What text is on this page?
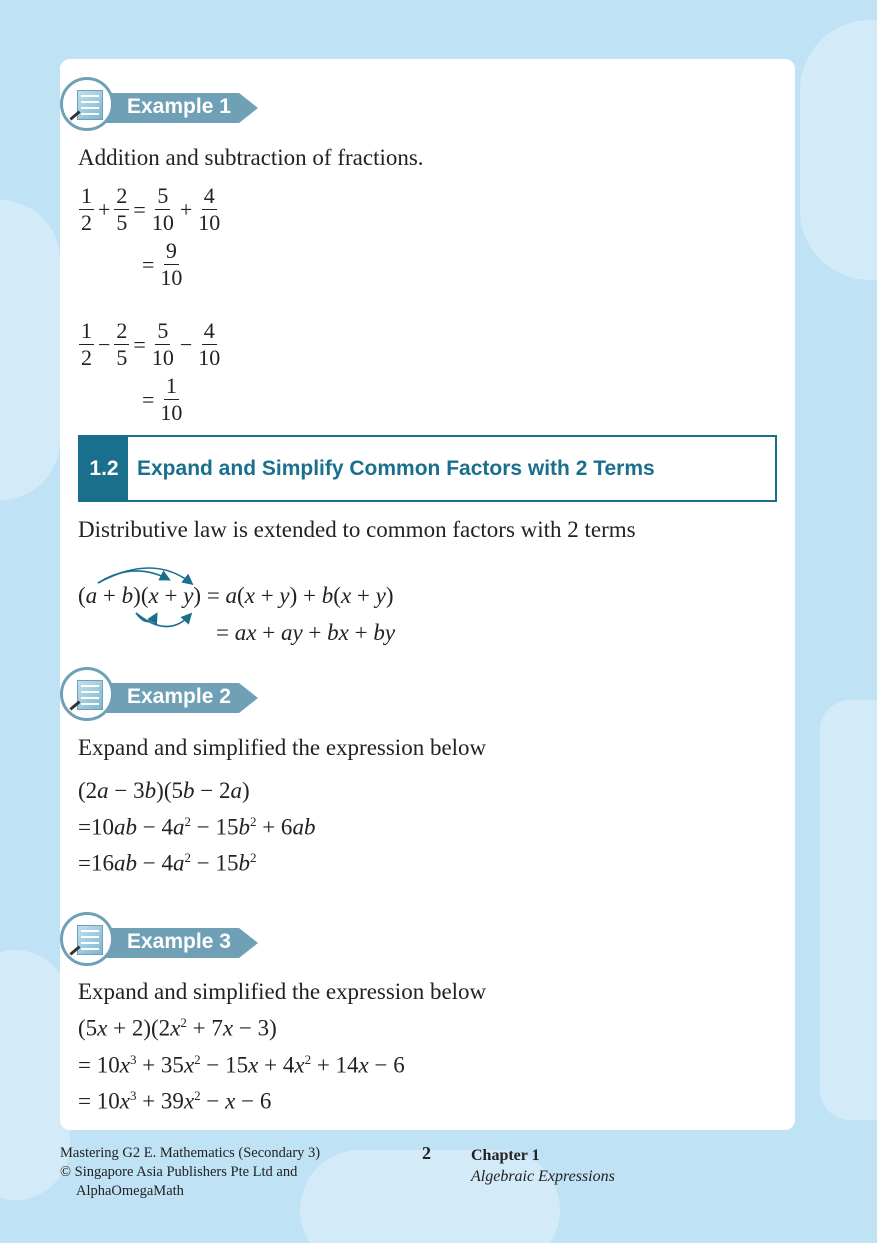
Example 1
Addition and subtraction of fractions.
$\frac{1}{2} + \frac{2}{5} = \frac{5}{10} + \frac{4}{10}$
= $\frac{9}{10}$
$\frac{1}{2} - \frac{2}{5} = \frac{5}{10} - \frac{4}{10}$
= $\frac{1}{10}$
1.2 Expand and Simplify Common Factors with 2 Terms
Distributive law is extended to common factors with 2 terms
(a + b)(x + y) = a(x + y) + b(x + y)
= ax + ay + bx + by
Example 2
Expand and simplified the expression below
(2a − 3b)(5b − 2a)
$=10ab - 4a^2 - 15b^2 + 6ab$
$=16ab - 4a^2 - 15b^2$
Example 3
Expand and simplified the expression below
$(5x + 2)(2x^2 + 7x - 3)$
= $10x^3 + 35x^2 - 15x + 4x^2 + 14x - 6$
= $10x^3 + 39x^2 - x - 6$
Mastering G2 E. Mathematics (Secondary 3)
© Singapore Asia Publishers Pte Ltd and
AlphaOmegaMath
2	Chapter 1
Algebraic Expressions
